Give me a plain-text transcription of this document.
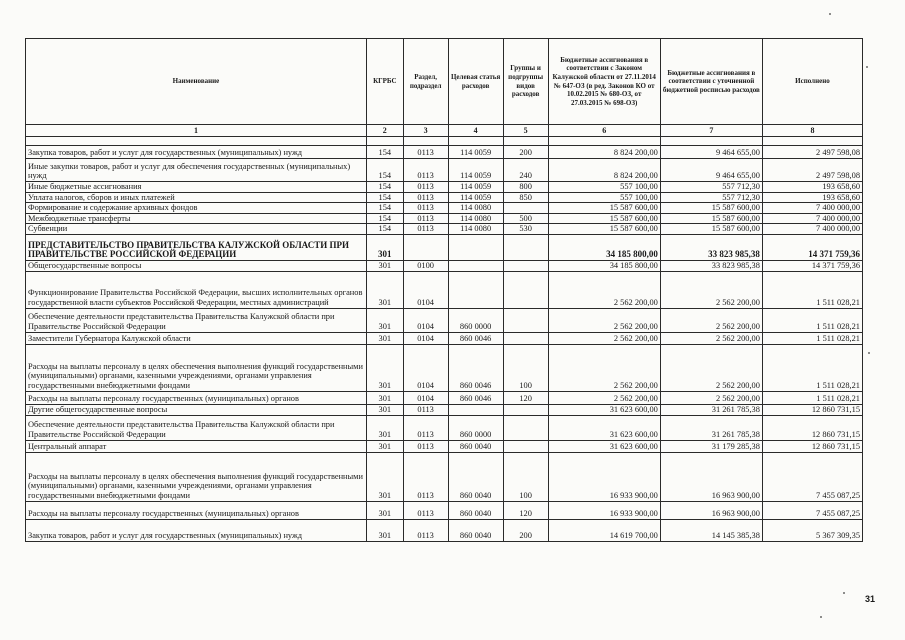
Наименование	КГРБС	Раздел, подраздел	Целевая статья расходов	Группы и подгруппы видов расходов	Бюджетные ассигнования в соответствии с Законом Калужской области от 27.11.2014 № 647-ОЗ (в ред. Законов КО от 10.02.2015 № 680-ОЗ, от 27.03.2015 № 698-ОЗ)	Бюджетные ассигнования в соответствии с уточненной бюджетной росписью расходов	Исполнено
1	2	3	4	5	6	7	8

Закупка товаров, работ и услуг для государственных (муниципальных) нужд	154	0113	114 0059	200	8 824 200,00	9 464 655,00	2 497 598,08
Иные закупки товаров, работ и услуг для обеспечения государственных (муниципальных) нужд	154	0113	114 0059	240	8 824 200,00	9 464 655,00	2 497 598,08
Иные бюджетные ассигнования	154	0113	114 0059	800	557 100,00	557 712,30	193 658,60
Уплата налогов, сборов и иных платежей	154	0113	114 0059	850	557 100,00	557 712,30	193 658,60
Формирование и содержание архивных фондов	154	0113	114 0080		15 587 600,00	15 587 600,00	7 400 000,00
Межбюджетные трансферты	154	0113	114 0080	500	15 587 600,00	15 587 600,00	7 400 000,00
Субвенции	154	0113	114 0080	530	15 587 600,00	15 587 600,00	7 400 000,00
ПРЕДСТАВИТЕЛЬСТВО ПРАВИТЕЛЬСТВА КАЛУЖСКОЙ ОБЛАСТИ ПРИ ПРАВИТЕЛЬСТВЕ РОССИЙСКОЙ ФЕДЕРАЦИИ	301				34 185 800,00	33 823 985,38	14 371 759,36
Общегосударственные вопросы	301	0100			34 185 800,00	33 823 985,38	14 371 759,36
Функционирование Правительства Российской Федерации, высших исполнительных органов государственной власти субъектов Российской Федерации, местных администраций	301	0104			2 562 200,00	2 562 200,00	1 511 028,21
Обеспечение деятельности представительства Правительства Калужской области при Правительстве Российской Федерации	301	0104	860 0000		2 562 200,00	2 562 200,00	1 511 028,21
Заместители Губернатора Калужской области	301	0104	860 0046		2 562 200,00	2 562 200,00	1 511 028,21
Расходы на выплаты персоналу в целях обеспечения выполнения функций государственными (муниципальными) органами, казенными учреждениями, органами управления государственными внебюджетными фондами	301	0104	860 0046	100	2 562 200,00	2 562 200,00	1 511 028,21
Расходы на выплаты персоналу государственных (муниципальных) органов	301	0104	860 0046	120	2 562 200,00	2 562 200,00	1 511 028,21
Другие общегосударственные вопросы	301	0113			31 623 600,00	31 261 785,38	12 860 731,15
Обеспечение деятельности представительства Правительства Калужской области при Правительстве Российской Федерации	301	0113	860 0000		31 623 600,00	31 261 785,38	12 860 731,15
Центральный аппарат	301	0113	860 0040		31 623 600,00	31 179 285,38	12 860 731,15
Расходы на выплаты персоналу в целях обеспечения выполнения функций государственными (муниципальными) органами, казенными учреждениями, органами управления государственными внебюджетными фондами	301	0113	860 0040	100	16 933 900,00	16 963 900,00	7 455 087,25
Расходы на выплаты персоналу государственных (муниципальных) органов	301	0113	860 0040	120	16 933 900,00	16 963 900,00	7 455 087,25
Закупка товаров, работ и услуг для государственных (муниципальных) нужд	301	0113	860 0040	200	14 619 700,00	14 145 385,38	5 367 309,35
31
